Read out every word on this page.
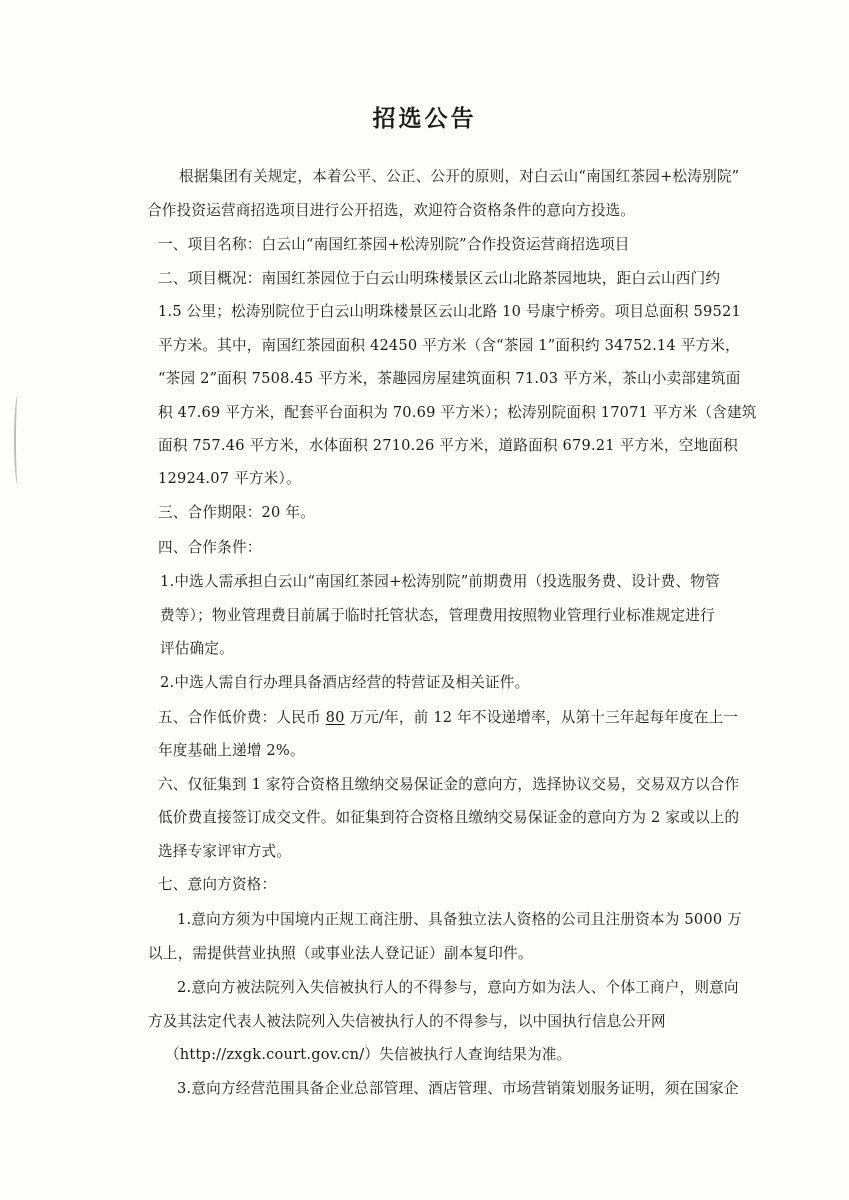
招选公告
根据集团有关规定，本着公平、公正、公开的原则，对白云山“南国红茶园+松涛别院”
合作投资运营商招选项目进行公开招选，欢迎符合资格条件的意向方投选。
一、项目名称：白云山“南国红茶园+松涛别院”合作投资运营商招选项目
二、项目概况：南国红茶园位于白云山明珠楼景区云山北路茶园地块，距白云山西门约
1.5 公里；松涛别院位于白云山明珠楼景区云山北路 10 号康宁桥旁。项目总面积 59521
平方米。其中，南国红茶园面积 42450 平方米（含“茶园 1”面积约 34752.14 平方米，
“茶园 2”面积 7508.45 平方米，茶趣园房屋建筑面积 71.03 平方米，茶山小卖部建筑面
积 47.69 平方米，配套平台面积为 70.69 平方米）；松涛别院面积 17071 平方米（含建筑
面积 757.46 平方米，水体面积 2710.26 平方米，道路面积 679.21 平方米，空地面积
12924.07 平方米）。
三、合作期限：20 年。
四、合作条件：
1.中选人需承担白云山“南国红茶园+松涛别院”前期费用（投选服务费、设计费、物管
费等）；物业管理费目前属于临时托管状态，管理费用按照物业管理行业标准规定进行
评估确定。
2.中选人需自行办理具备酒店经营的特营证及相关证件。
五、合作低价费：人民币 80 万元/年，前 12 年不设递增率，从第十三年起每年度在上一
年度基础上递增 2%。
六、仅征集到 1 家符合资格且缴纳交易保证金的意向方，选择协议交易，交易双方以合作
低价费直接签订成交文件。如征集到符合资格且缴纳交易保证金的意向方为 2 家或以上的
选择专家评审方式。
七、意向方资格：
1.意向方须为中国境内正规工商注册、具备独立法人资格的公司且注册资本为 5000 万
以上，需提供营业执照（或事业法人登记证）副本复印件。
2.意向方被法院列入失信被执行人的不得参与，意向方如为法人、个体工商户，则意向
方及其法定代表人被法院列入失信被执行人的不得参与，以中国执行信息公开网
（http://zxgk.court.gov.cn/）失信被执行人查询结果为准。
3.意向方经营范围具备企业总部管理、酒店管理、市场营销策划服务证明，须在国家企
